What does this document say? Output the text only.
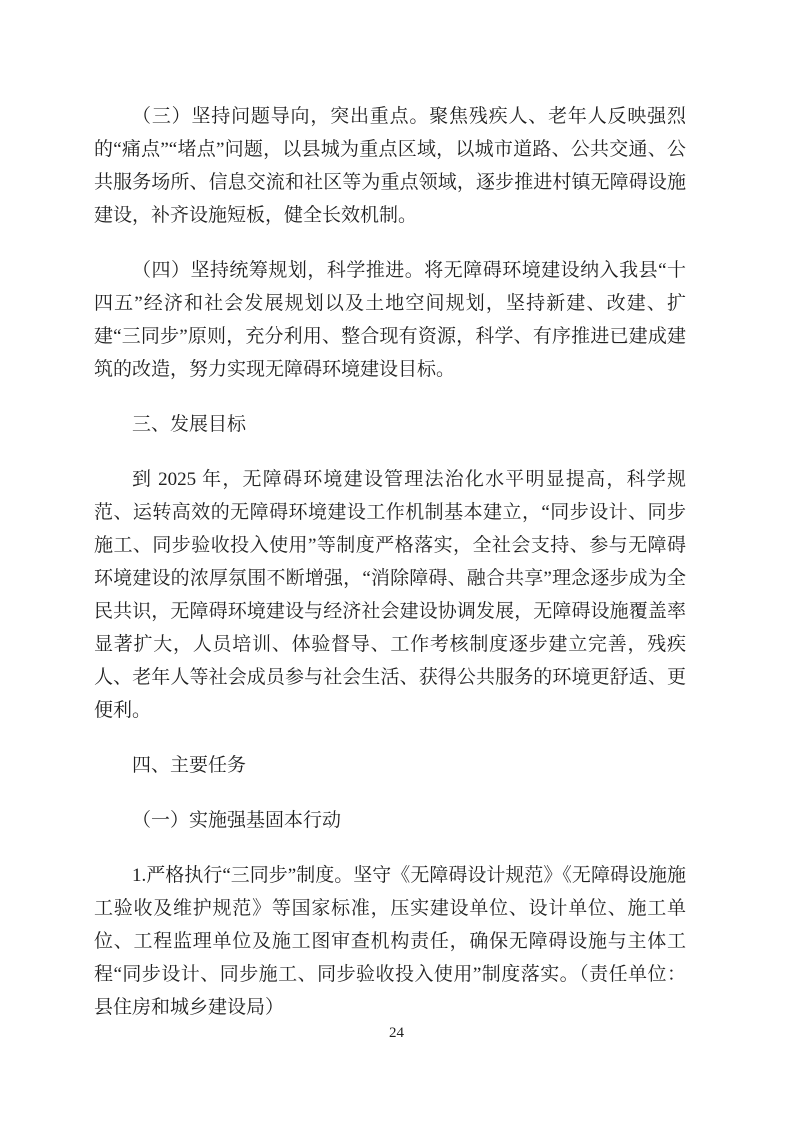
（三）坚持问题导向，突出重点。聚焦残疾人、老年人反映强烈的“痛点”“堵点”问题，以县城为重点区域，以城市道路、公共交通、公共服务场所、信息交流和社区等为重点领域，逐步推进村镇无障碍设施建设，补齐设施短板，健全长效机制。

（四）坚持统筹规划，科学推进。将无障碍环境建设纳入我县“十四五”经济和社会发展规划以及土地空间规划，坚持新建、改建、扩建“三同步”原则，充分利用、整合现有资源，科学、有序推进已建成建筑的改造，努力实现无障碍环境建设目标。

三、发展目标

到 2025 年，无障碍环境建设管理法治化水平明显提高，科学规范、运转高效的无障碍环境建设工作机制基本建立，“同步设计、同步施工、同步验收投入使用”等制度严格落实，全社会支持、参与无障碍环境建设的浓厚氛围不断增强，“消除障碍、融合共享”理念逐步成为全民共识，无障碍环境建设与经济社会建设协调发展，无障碍设施覆盖率显著扩大，人员培训、体验督导、工作考核制度逐步建立完善，残疾人、老年人等社会成员参与社会生活、获得公共服务的环境更舒适、更便利。

四、主要任务

（一）实施强基固本行动

1.严格执行“三同步”制度。坚守《无障碍设计规范》《无障碍设施施工验收及维护规范》等国家标准，压实建设单位、设计单位、施工单位、工程监理单位及施工图审查机构责任，确保无障碍设施与主体工程“同步设计、同步施工、同步验收投入使用”制度落实。（责任单位：县住房和城乡建设局）

24
